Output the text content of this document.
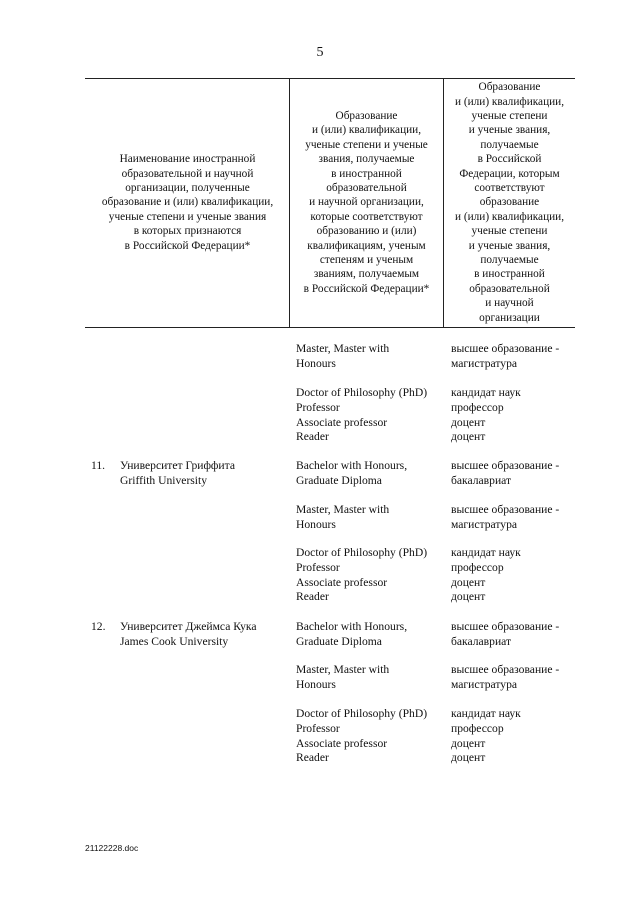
5
Наименование иностранной
образовательной и научной
организации, полученные
образование и (или) квалификации,
ученые степени и ученые звания
в которых признаются
в Российской Федерации*
Образование
и (или) квалификации,
ученые степени и ученые
звания, получаемые
в иностранной
образовательной
и научной организации,
которые соответствуют
образованию и (или)
квалификациям, ученым
степеням и ученым
званиям, получаемым
в Российской Федерации*
Образование
и (или) квалификации,
ученые степени
и ученые звания,
получаемые
в Российской
Федерации, которым
соответствуют
образование
и (или) квалификации,
ученые степени
и ученые звания,
получаемые
в иностранной
образовательной
и научной
организации
Master, Master with
Honours
высшее образование -
магистратура
Doctor of Philosophy (PhD)
Professor
Associate professor
Reader
кандидат наук
профессор
доцент
доцент
11. Университет Гриффита
Griffith University
Bachelor with Honours,
Graduate Diploma
высшее образование -
бакалавриат
Master, Master with
Honours
высшее образование -
магистратура
Doctor of Philosophy (PhD)
Professor
Associate professor
Reader
кандидат наук
профессор
доцент
доцент
12. Университет Джеймса Кука
James Cook University
Bachelor with Honours,
Graduate Diploma
высшее образование -
бакалавриат
Master, Master with
Honours
высшее образование -
магистратура
Doctor of Philosophy (PhD)
Professor
Associate professor
Reader
кандидат наук
профессор
доцент
доцент
21122228.doc
